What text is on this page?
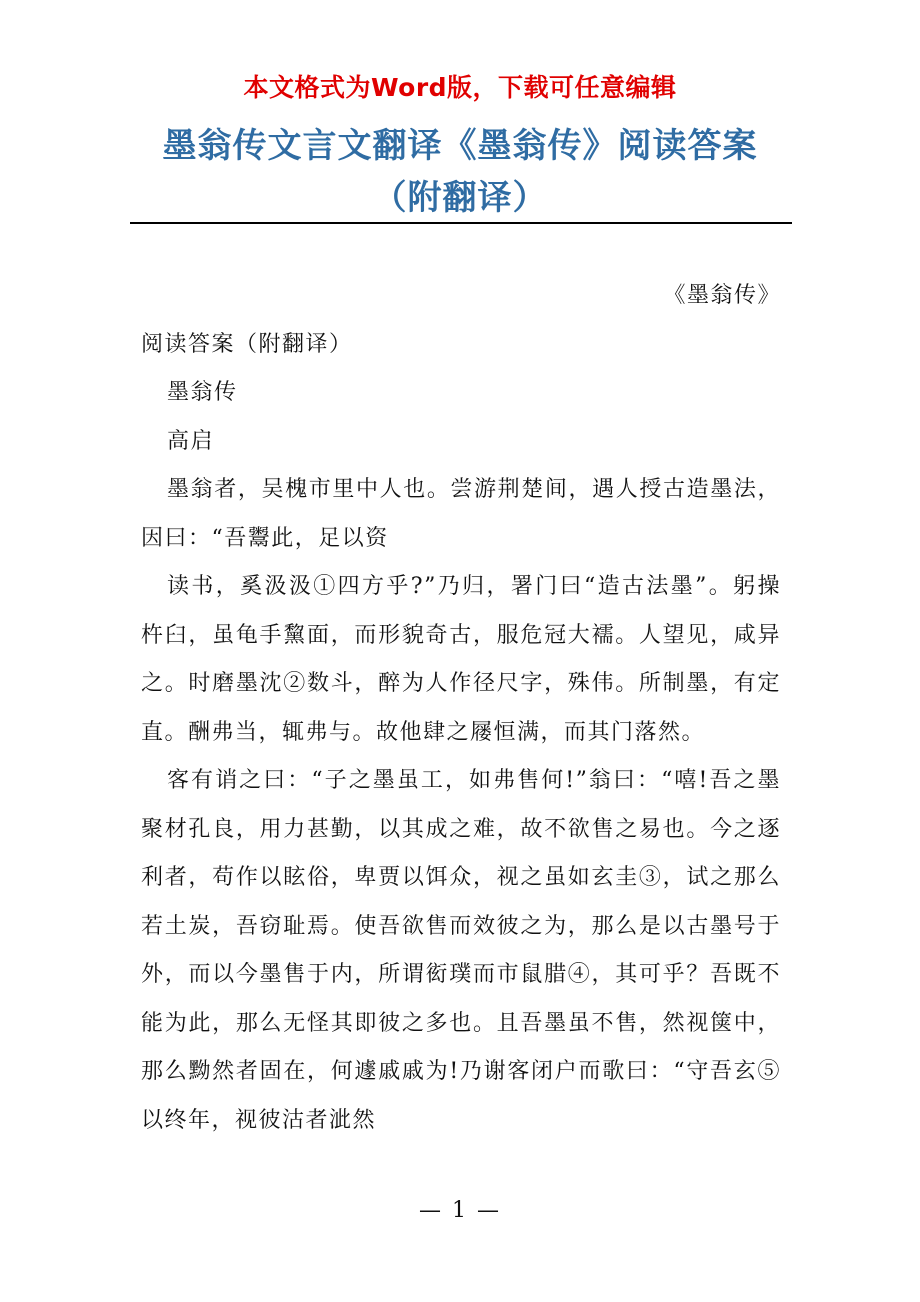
本文格式为Word版，下载可任意编辑
墨翁传文言文翻译《墨翁传》阅读答案
（附翻译）

《墨翁传》

阅读答案（附翻译）

墨翁传

高启

墨翁者，吴槐市里中人也。尝游荆楚间，遇人授古造墨法，因曰：“吾鬻此，足以资

读书，奚汲汲①四方乎?”乃归，署门曰“造古法墨”。躬操杵臼，虽龟手黧面，而形貌奇古，服危冠大襦。人望见，咸异之。时磨墨沈②数斗，醉为人作径尺字，殊伟。所制墨，有定直。酬弗当，辄弗与。故他肆之屦恒满，而其门落然。

客有诮之曰：“子之墨虽工，如弗售何!”翁曰：“嘻!吾之墨聚材孔良，用力甚勤，以其成之难，故不欲售之易也。今之逐利者，苟作以眩俗，卑贾以饵众，视之虽如玄圭③，试之那么若土炭，吾窃耻焉。使吾欲售而效彼之为，那么是以古墨号于外，而以今墨售于内，所谓衒璞而市鼠腊④，其可乎？吾既不能为此，那么无怪其即彼之多也。且吾墨虽不售，然视箧中，那么黝然者固在，何遽戚戚为!乃谢客闭户而歌曰：“守吾玄⑤以终年，视彼沽者泚然

— 1 —
